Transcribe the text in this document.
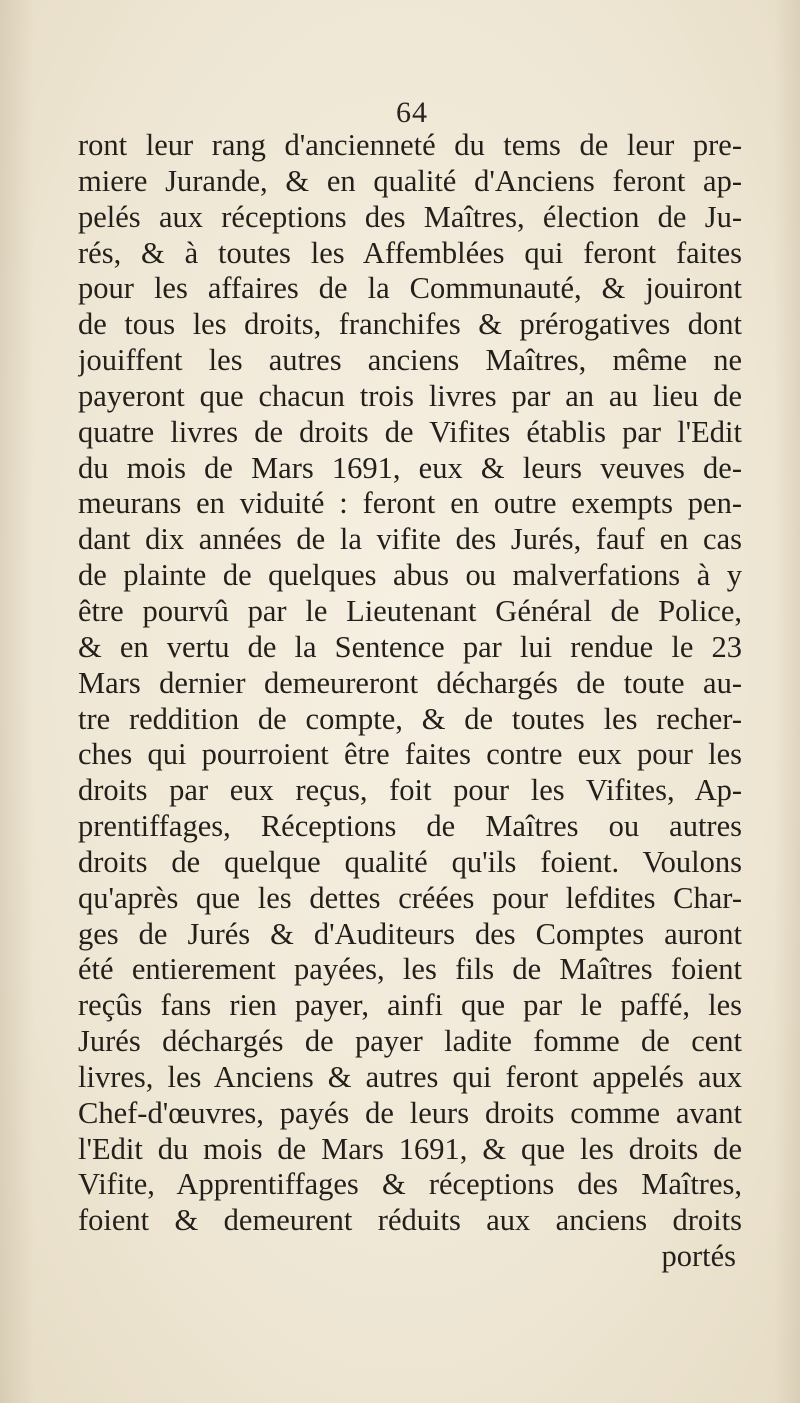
64
ront leur rang d'ancienneté du tems de leur pre-
miere Jurande, & en qualité d'Anciens feront ap-
pelés aux réceptions des Maîtres, élection de Ju-
rés, & à toutes les Affemblées qui feront faites
pour les affaires de la Communauté, & jouiront
de tous les droits, franchifes & prérogatives dont
jouiffent les autres anciens Maîtres, même ne
payeront que chacun trois livres par an au lieu de
quatre livres de droits de Vifites établis par l'Edit
du mois de Mars 1691, eux & leurs veuves de-
meurans en viduité : feront en outre exempts pen-
dant dix années de la vifite des Jurés, fauf en cas
de plainte de quelques abus ou malverfations à y
être pourvû par le Lieutenant Général de Police,
& en vertu de la Sentence par lui rendue le 23
Mars dernier demeureront déchargés de toute au-
tre reddition de compte, & de toutes les recher-
ches qui pourroient être faites contre eux pour les
droits par eux reçus, foit pour les Vifites, Ap-
prentiffages, Réceptions de Maîtres ou autres
droits de quelque qualité qu'ils foient. Voulons
qu'après que les dettes créées pour lefdites Char-
ges de Jurés & d'Auditeurs des Comptes auront
été entierement payées, les fils de Maîtres foient
reçûs fans rien payer, ainfi que par le paffé, les
Jurés déchargés de payer ladite fomme de cent
livres, les Anciens & autres qui feront appelés aux
Chef-d'œuvres, payés de leurs droits comme avant
l'Edit du mois de Mars 1691, & que les droits de
Vifite, Apprentiffages & réceptions des Maîtres,
foient & demeurent réduits aux anciens droits
portés
